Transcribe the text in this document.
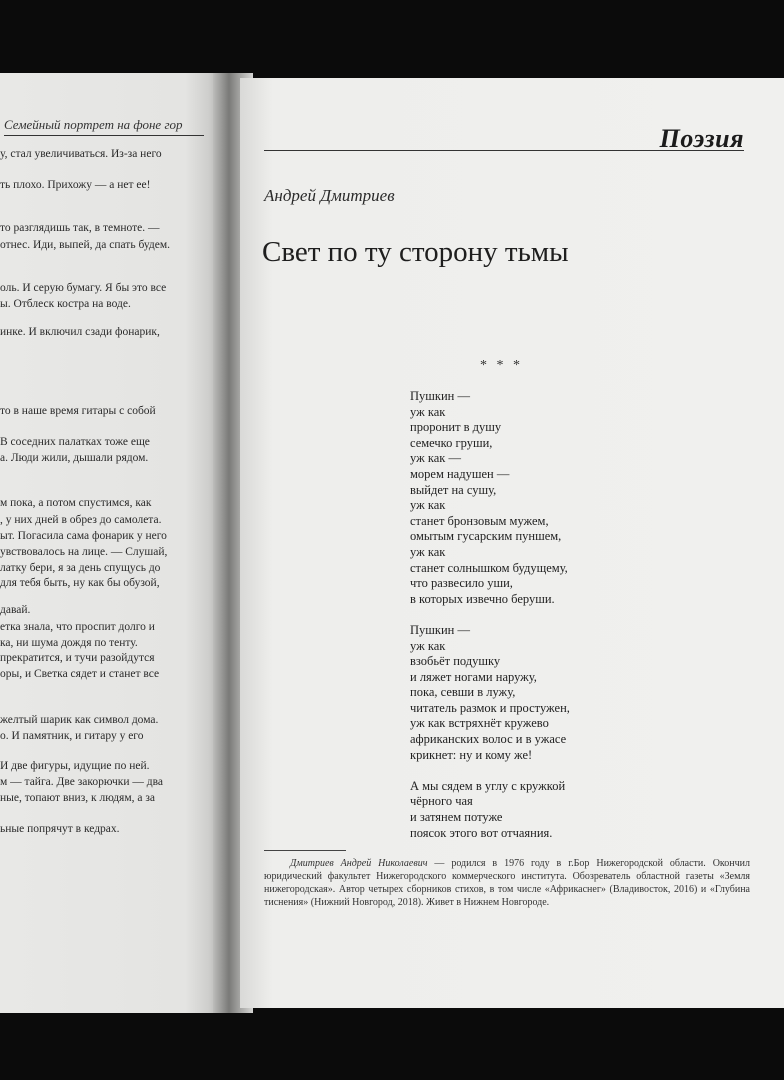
Семейный портрет на фоне гор
у, стал увеличиваться. Из-за него
ть плохо. Прихожу — а нет ее!
то разглядишь так, в темноте. —
отнес. Иди, выпей, да спать будем.
оль. И серую бумагу. Я бы это все
ы. Отблеск костра на воде.
инке. И включил сзади фонарик,
то в наше время гитары с собой
В соседних палатках тоже еще
а. Люди жили, дышали рядом.
м пока, а потом спустимся, как
, у них дней в обрез до самолета.
ыт. Погасила сама фонарик у него
увствовалось на лице. — Слушай,
латку бери, я за день спущусь до
для тебя быть, ну как бы обузой,
давай.
етка знала, что проспит долго и
ка, ни шума дождя по тенту.
прекратится, и тучи разойдутся
оры, и Светка сядет и станет все
желтый шарик как символ дома.
о. И памятник, и гитару у его
И две фигуры, идущие по ней.
м — тайга. Две закорючки — два
ные, топают вниз, к людям, а за
ьные попрячут в кедрах.
Поэзия
Андрей Дмитриев
Свет по ту сторону тьмы
* * *
Пушкин —
уж как
проронит в душу
семечко груши,
уж как —
морем надушен —
выйдет на сушу,
уж как
станет бронзовым мужем,
омытым гусарским пуншем,
уж как
станет солнышком будущему,
что развесило уши,
в которых извечно беруши.
Пушкин —
уж как
взобьёт подушку
и ляжет ногами наружу,
пока, севши в лужу,
читатель размок и простужен,
уж как встряхнёт кружево
африканских волос и в ужасе
крикнет: ну и кому же!
А мы сядем в углу с кружкой
чёрного чая
и затянем потуже
поясок этого вот отчаяния.

Дмитриев Андрей Николаевич — родился в 1976 году в г.Бор Нижегородской области. Окончил юридический факультет Нижегородского коммерческого института. Обозреватель областной газеты «Земля нижегородская». Автор четырех сборников стихов, в том числе «Африкаснег» (Владивосток, 2016) и «Глубина тиснения» (Нижний Новгород, 2018). Живет в Нижнем Новгороде.
